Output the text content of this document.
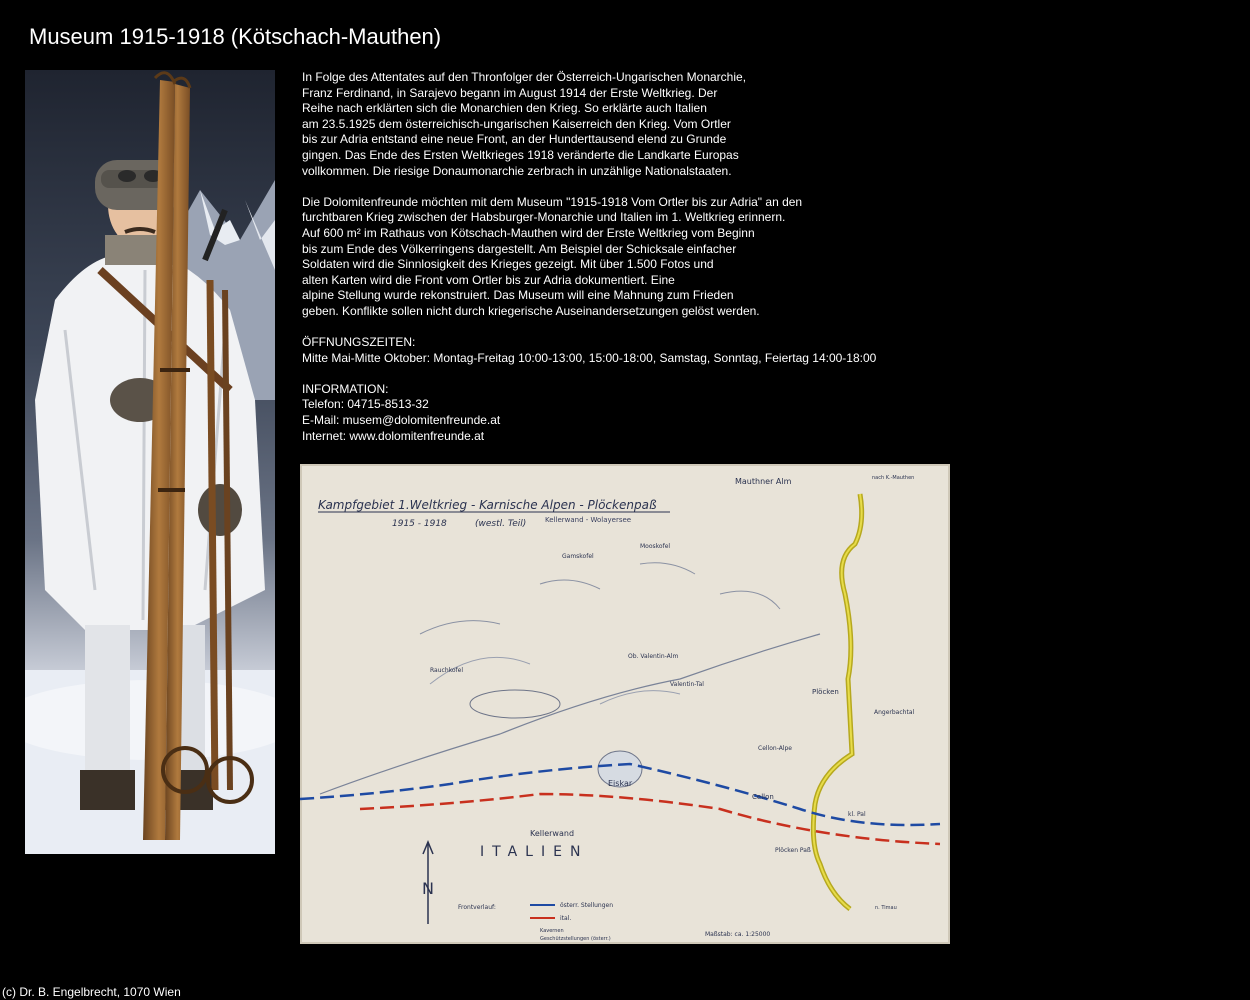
Museum 1915-1918 (Kötschach-Mauthen)

In Folge des Attentates auf den Thronfolger der Österreich-Ungarischen Monarchie,
Franz Ferdinand, in Sarajevo begann im August 1914 der Erste Weltkrieg. Der
Reihe nach erklärten sich die Monarchien den Krieg. So erklärte auch Italien
am 23.5.1925 dem österreichisch-ungarischen Kaiserreich den Krieg. Vom Ortler
bis zur Adria entstand eine neue Front, an der Hunderttausend elend zu Grunde
gingen. Das Ende des Ersten Weltkrieges 1918 veränderte die Landkarte Europas
vollkommen. Die riesige Donaumonarchie zerbrach in unzählige Nationalstaaten.

Die Dolomitenfreunde möchten mit dem Museum "1915-1918 Vom Ortler bis zur Adria" an den
furchtbaren Krieg zwischen der Habsburger-Monarchie und Italien im 1. Weltkrieg erinnern.
Auf 600 m² im Rathaus von Kötschach-Mauthen wird der Erste Weltkrieg vom Beginn
bis zum Ende des Völkerringens dargestellt. Am Beispiel der Schicksale einfacher
Soldaten wird die Sinnlosigkeit des Krieges gezeigt. Mit über 1.500 Fotos und
alten Karten wird die Front vom Ortler bis zur Adria dokumentiert. Eine
alpine Stellung wurde rekonstruiert. Das Museum will eine Mahnung zum Frieden
geben. Konflikte sollen nicht durch kriegerische Auseinandersetzungen gelöst werden.

ÖFFNUNGSZEITEN:
Mitte Mai-Mitte Oktober: Montag-Freitag 10:00-13:00, 15:00-18:00, Samstag, Sonntag, Feiertag 14:00-18:00

INFORMATION:
Telefon: 04715-8513-32
E-Mail: musem@dolomitenfreunde.at
Internet: www.dolomitenfreunde.at

Kampfgebiet 1.Weltkrieg - Karnische Alpen - Plöckenpaß
1915 - 1918	(westl. Teil)	Kellerwand - Wolayersee
Mauthner Alm	nach K.-Mauthen
Gamskofel
Mooskofel
Rauchkofel
Ob. Valentin-Alm
Valentin-Tal
Plöcken
Angerbachtal
Cellon-Alpe
Cellon
Eiskar
Kellerwand
Plöcken Paß
n. Timau
kl. Pal
ITALIEN
N
Frontverlauf:	österr. Stellungen
ital.
Kavernen
Geschützstellungen (österr.)
Maßstab: ca. 1:25000
(c) Dr. B. Engelbrecht, 1070 Wien
